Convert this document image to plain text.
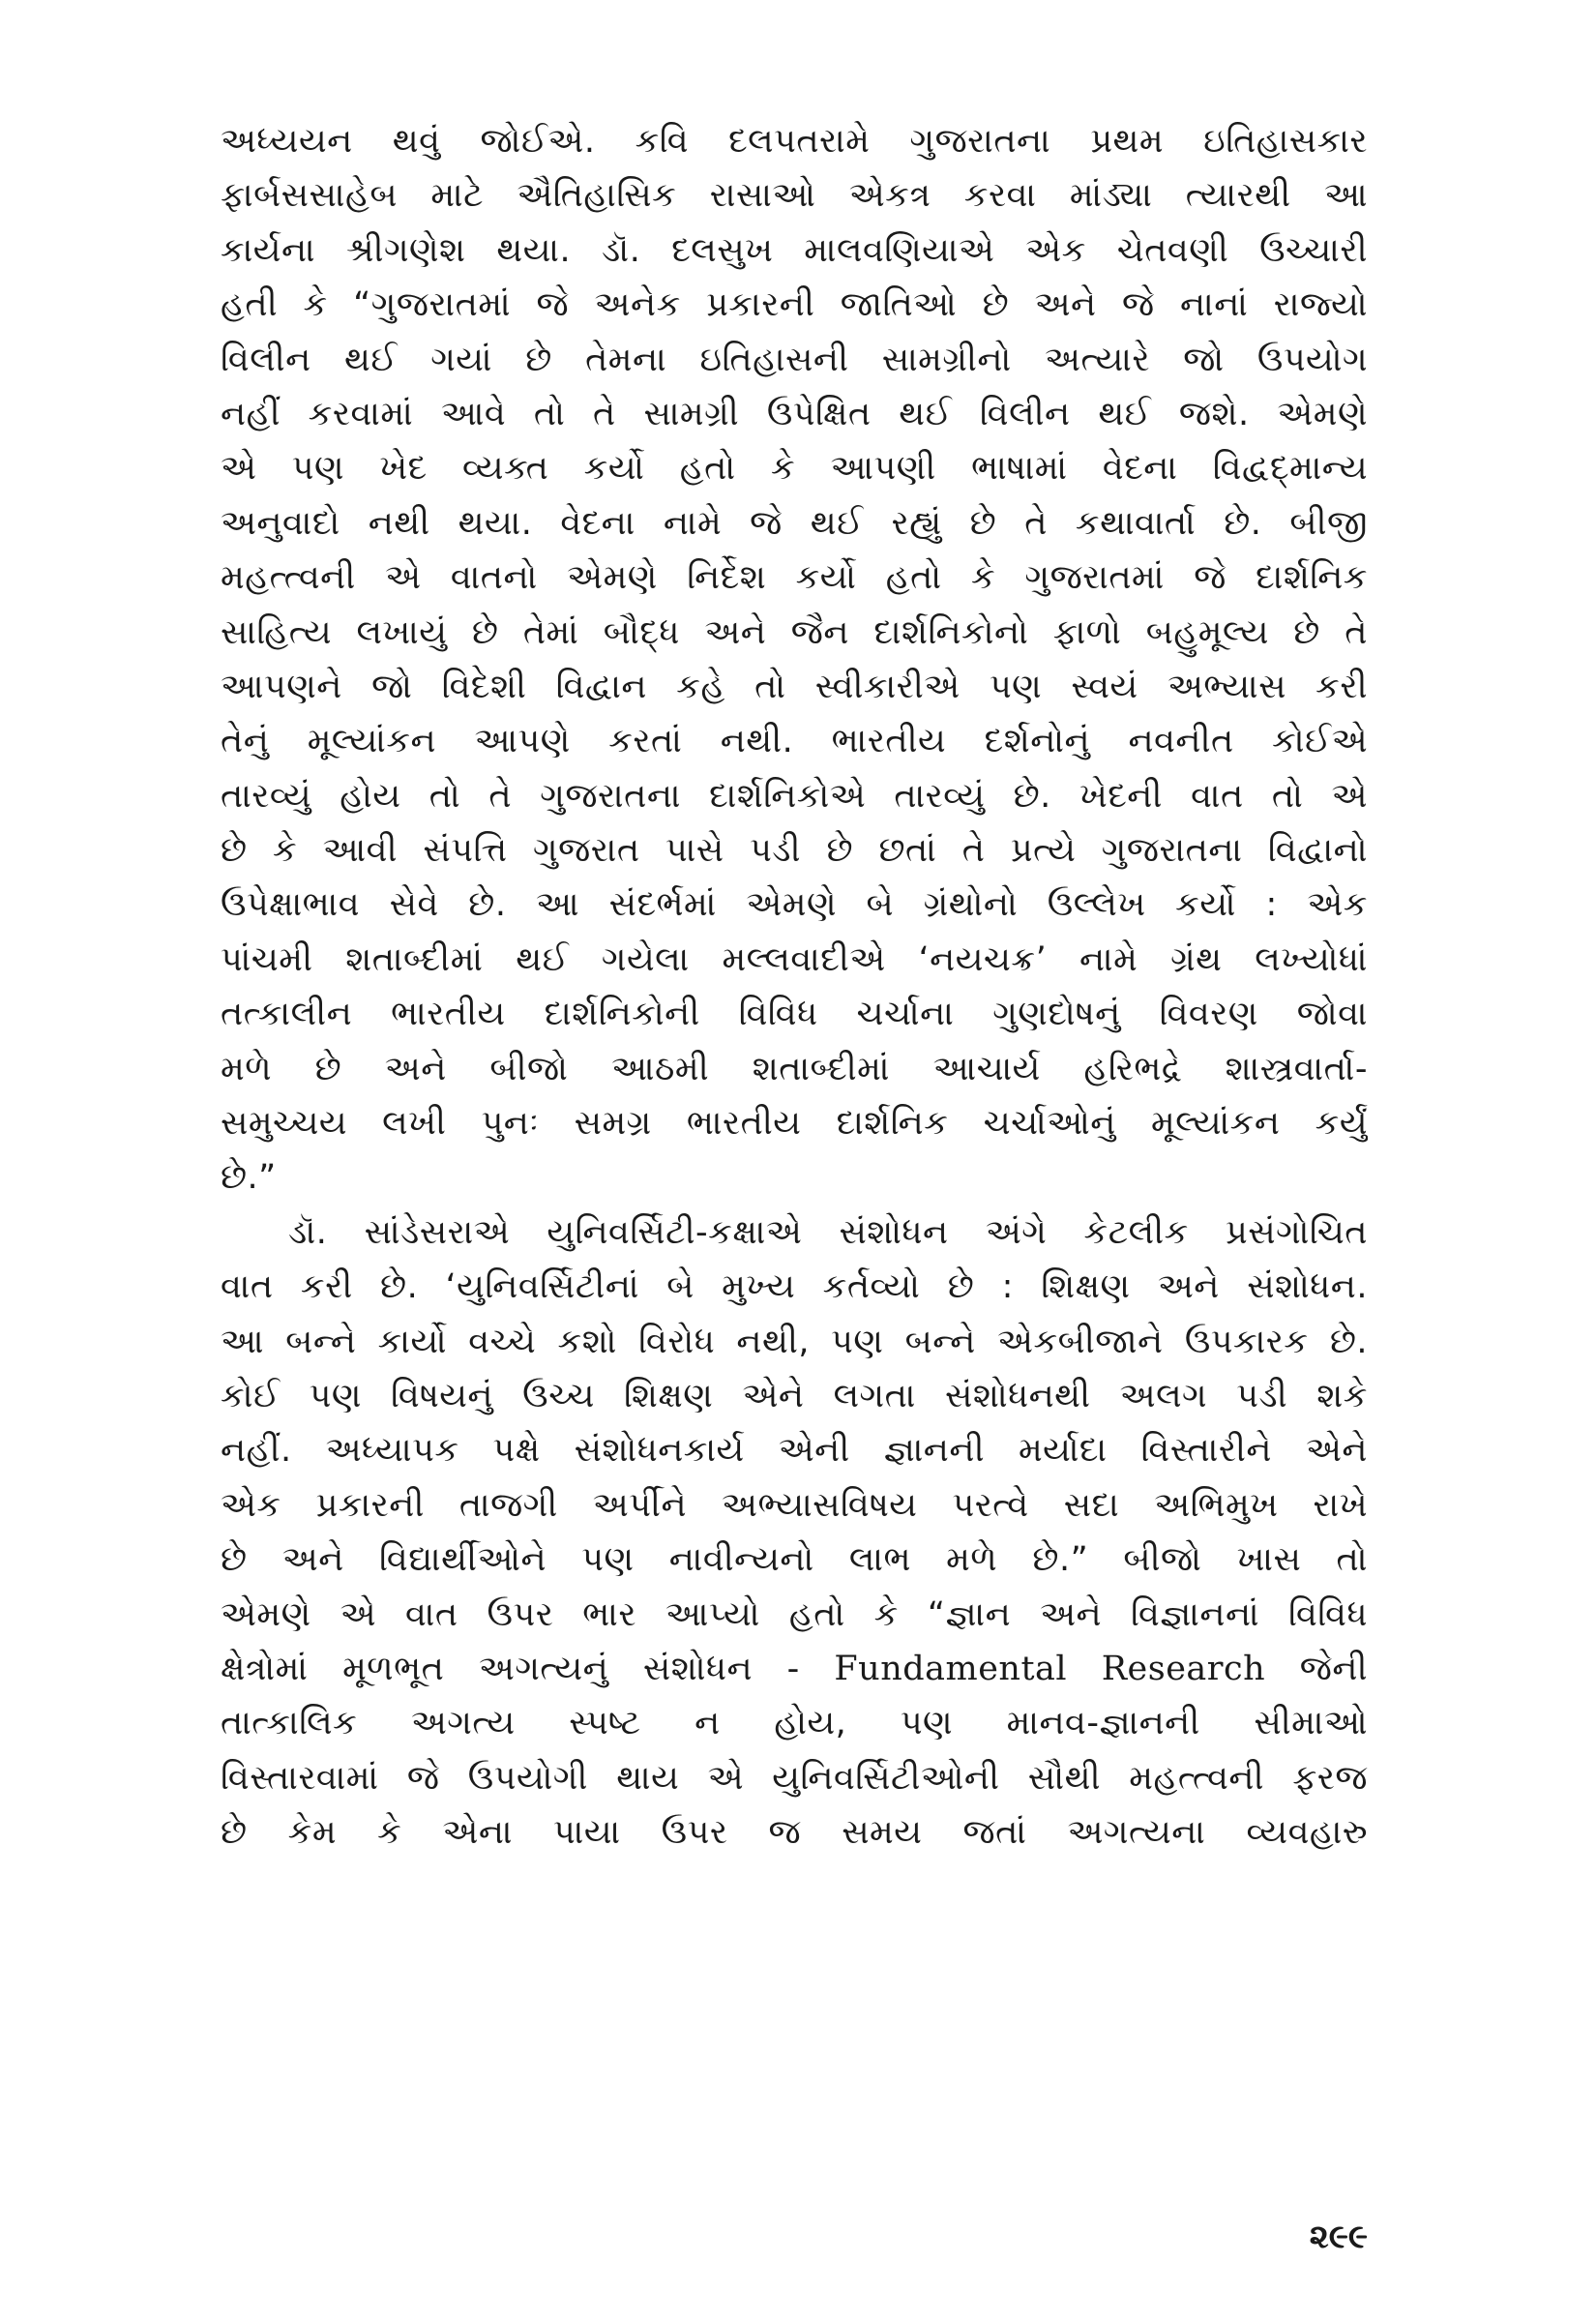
અધ્યયન થવું જોઈએ. કવિ દલપતરામે ગુજરાતના પ્રથમ ઇતિહાસકાર
ફાર્બસસાહેબ માટે ઐતિહાસિક રાસાઓ એકત્ર કરવા માંડ્યા ત્યારથી આ
કાર્યના શ્રીગણેશ થયા. ડૉ. દલસુખ માલવણિયાએ એક ચેતવણી ઉચ્ચારી
હતી કે “ગુજરાતમાં જે અનેક પ્રકારની જાતિઓ છે અને જે નાનાં રાજ્યો
વિલીન થઈ ગયાં છે તેમના ઇતિહાસની સામગ્રીનો અત્યારે જો ઉપયોગ
નહીં કરવામાં આવે તો તે સામગ્રી ઉપેક્ષિત થઈ વિલીન થઈ જશે. એમણે
એ પણ ખેદ વ્યક્ત કર્યો હતો કે આપણી ભાષામાં વેદના વિદ્વદ્‌માન્ય
અનુવાદો નથી થયા. વેદના નામે જે થઈ રહ્યું છે તે કથાવાર્તા છે. બીજી
મહત્ત્વની એ વાતનો એમણે નિર્દેશ કર્યો હતો કે ગુજરાતમાં જે દાર્શનિક
સાહિત્ય લખાયું છે તેમાં બૌદ્ધ અને જૈન દાર્શનિકોનો ફાળો બહુમૂલ્ય છે તે
આપણને જો વિદેશી વિદ્વાન કહે તો સ્વીકારીએ પણ સ્વયં અભ્યાસ કરી
તેનું મૂલ્યાંકન આપણે કરતાં નથી. ભારતીય દર્શનોનું નવનીત કોઈએ
તારવ્યું હોય તો તે ગુજરાતના દાર્શનિકોએ તારવ્યું છે. ખેદની વાત તો એ
છે કે આવી સંપત્તિ ગુજરાત પાસે પડી છે છતાં તે પ્રત્યે ગુજરાતના વિદ્વાનો
ઉપેક્ષાભાવ સેવે છે. આ સંદર્ભમાં એમણે બે ગ્રંથોનો ઉલ્લેખ કર્યો : એક
પાંચમી શતાબ્દીમાં થઈ ગયેલા મલ્લવાદીએ ‘નયચક્ર’ નામે ગ્રંથ લખ્યોધાં
તત્કાલીન ભારતીય દાર્શનિકોની વિવિધ ચર્ચાના ગુણદોષનું વિવરણ જોવા
મળે છે અને બીજો આઠમી શતાબ્દીમાં આચાર્ય હરિભદ્રે શાસ્ત્રવાર્તા-
સમુચ્ચય લખી પુનઃ સમગ્ર ભારતીય દાર્શનિક ચર્ચાઓનું મૂલ્યાંકન કર્યું
છે.”
ડૉ. સાંડેસરાએ યુનિવર્સિટી-કક્ષાએ સંશોધન અંગે કેટલીક પ્રસંગોચિત
વાત કરી છે. ‘યુનિવર્સિટીનાં બે મુખ્ય કર્તવ્યો છે : શિક્ષણ અને સંશોધન.
આ બન્ને કાર્યો વચ્ચે કશો વિરોધ નથી, પણ બન્ને એકબીજાને ઉપકારક છે.
કોઈ પણ વિષયનું ઉચ્ચ શિક્ષણ એને લગતા સંશોધનથી અલગ પડી શકે
નહીં. અધ્યાપક પક્ષે સંશોધનકાર્ય એની જ્ઞાનની મર્યાદા વિસ્તારીને એને
એક પ્રકારની તાજગી અર્પીને અભ્યાસવિષય પરત્વે સદા અભિમુખ રાખે
છે અને વિદ્યાર્થીઓને પણ નાવીન્યનો લાભ મળે છે.” બીજો ખાસ તો
એમણે એ વાત ઉપર ભાર આપ્યો હતો કે “જ્ઞાન અને વિજ્ઞાનનાં વિવિધ
ક્ષેત્રોમાં મૂળભૂત અગત્યનું સંશોધન - Fundamental Research જેની
તાત્કાલિક અગત્ય સ્પષ્ટ ન હોય, પણ માનવ-જ્ઞાનની સીમાઓ
વિસ્તારવામાં જે ઉપયોગી થાય એ યુનિવર્સિટીઓની સૌથી મહત્ત્વની ફરજ
છે કેમ કે એના પાયા ઉપર જ સમય જતાં અગત્યના વ્યવહારુ
૨૯૯
